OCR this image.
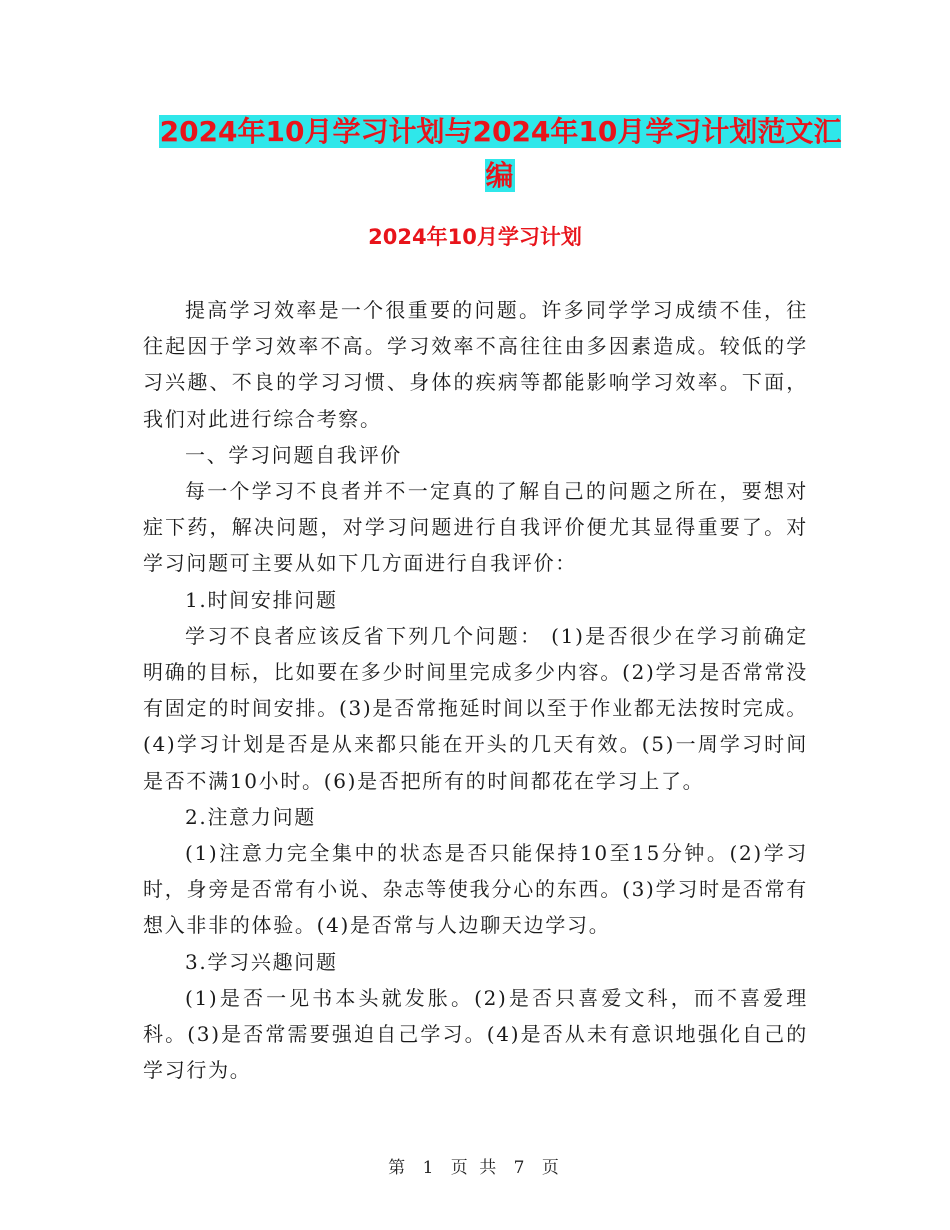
2024年10月学习计划与2024年10月学习计划范文汇编
2024年10月学习计划

提高学习效率是一个很重要的问题。许多同学学习成绩不佳，往往起因于学习效率不高。学习效率不高往往由多因素造成。较低的学习兴趣、不良的学习习惯、身体的疾病等都能影响学习效率。下面，我们对此进行综合考察。

一、学习问题自我评价

每一个学习不良者并不一定真的了解自己的问题之所在，要想对症下药，解决问题，对学习问题进行自我评价便尤其显得重要了。对学习问题可主要从如下几方面进行自我评价：

1.时间安排问题

学习不良者应该反省下列几个问题： (1)是否很少在学习前确定明确的目标，比如要在多少时间里完成多少内容。(2)学习是否常常没有固定的时间安排。(3)是否常拖延时间以至于作业都无法按时完成。(4)学习计划是否是从来都只能在开头的几天有效。(5)一周学习时间是否不满10小时。(6)是否把所有的时间都花在学习上了。

2.注意力问题

(1)注意力完全集中的状态是否只能保持10至15分钟。(2)学习时，身旁是否常有小说、杂志等使我分心的东西。(3)学习时是否常有想入非非的体验。(4)是否常与人边聊天边学习。

3.学习兴趣问题

(1)是否一见书本头就发胀。(2)是否只喜爱文科，而不喜爱理科。(3)是否常需要强迫自己学习。(4)是否从未有意识地强化自己的学习行为。

第 1 页 共 7 页
